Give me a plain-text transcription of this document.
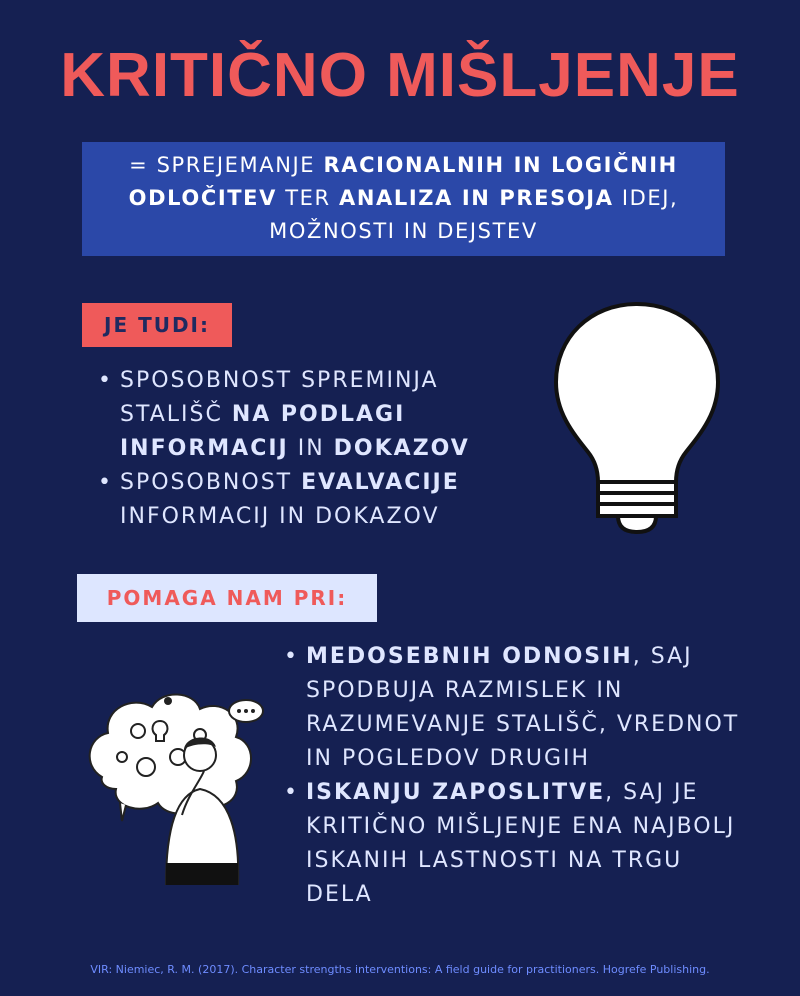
KRITIČNO MIŠLJENJE
= SPREJEMANJE RACIONALNIH IN LOGIČNIH ODLOČITEV TER ANALIZA IN PRESOJA IDEJ, MOŽNOSTI IN DEJSTEV
JE TUDI:
• SPOSOBNOST SPREMINJA STALIŠČ NA PODLAGI INFORMACIJ IN DOKAZOV
• SPOSOBNOST EVALVACIJE INFORMACIJ IN DOKAZOV
POMAGA NAM PRI:
• MEDOSEBNIH ODNOSIH, SAJ SPODBUJA RAZMISLEK IN RAZUMEVANJE STALIŠČ, VREDNOT IN POGLEDOV DRUGIH
• ISKANJU ZAPOSLITVE, SAJ JE KRITIČNO MIŠLJENJE ENA NAJBOLJ ISKANIH LASTNOSTI NA TRGU DELA
VIR: Niemiec, R. M. (2017). Character strengths interventions: A field guide for practitioners. Hogrefe Publishing.
